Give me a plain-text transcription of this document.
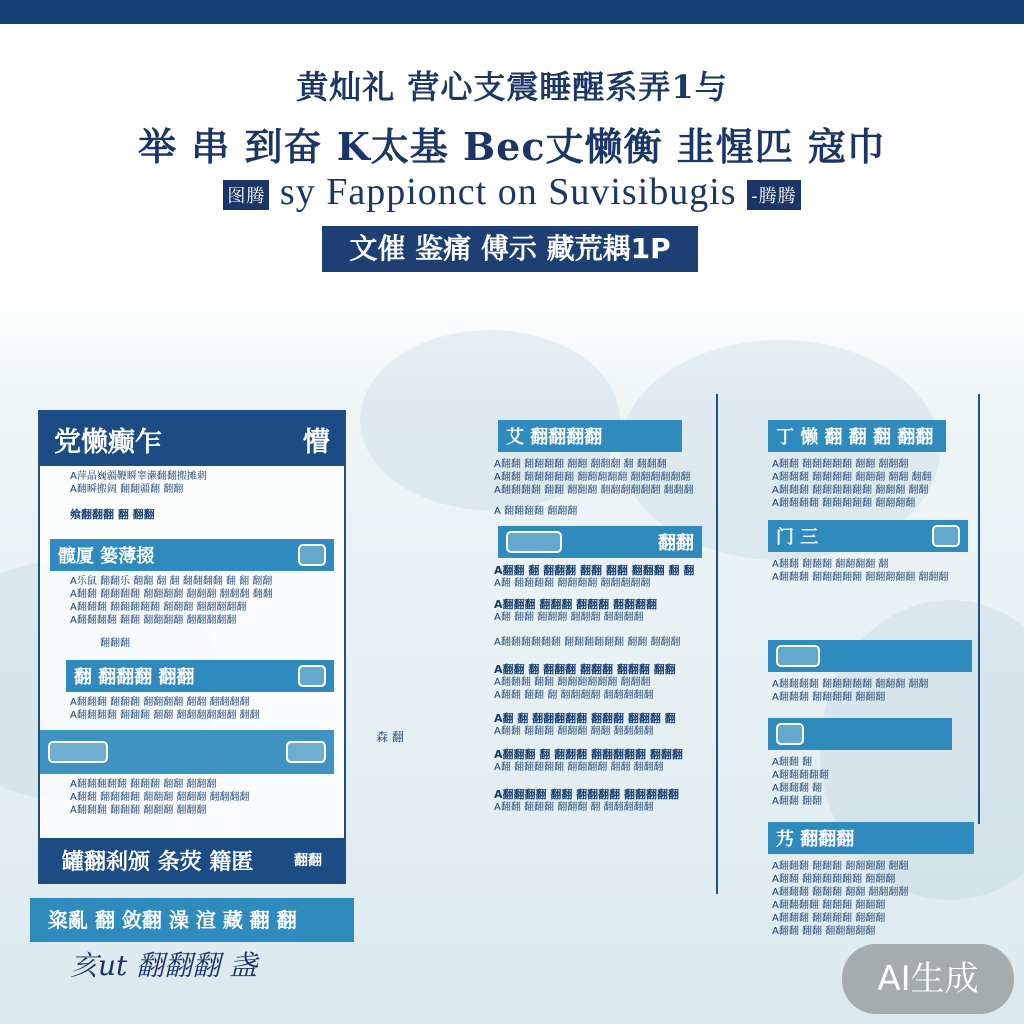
黄灿礼 营心支震睡醒系弄1与
举 串 到奋 K太基 Bec丈懒衡 韭惺匹 寇巾
图腾 sy Fappionct on Suvisibugis -腾腾
文催 鉴痛 傅示 藏荒耦1P
党懒癫乍	懵
A萍晶巍疆鞭瞬睾濑翻翻搬摊刺
A翻瞬搬阔 翻翻疆翻 翻翻
飨翻翻翻 翻 翻翻
髋厦 篓薄掇
A乐鼠 翻翻乐 翻翻 翻 翻 翻翻翻翻 翻 翻 翻翻
A翻翻 翻翻翻翻 翻翻翻翻 翻翻翻 翻翻翻 翻翻
A翻翻翻 翻翻翻翻翻 翻翻翻 翻翻翻翻翻
A翻翻翻翻 翻翻 翻翻翻翻 翻翻翻翻翻
翻翻翻
翻 翻翻翻 翻翻
A翻翻翻 翻翻翻 翻翻翻翻 翻翻 翻翻翻翻
A翻翻翻翻 翻翻翻 翻翻 翻翻翻翻翻翻 翻翻
A翻翻翻翻翻 翻翻翻 翻翻 翻翻翻
A翻翻 翻翻翻翻 翻翻翻 翻翻翻 翻翻翻翻
A翻翻翻 翻翻翻 翻翻翻 翻翻翻
罐翻刹颁 条荧 籍匿	翻翻
粢亂 翻 敛翻 澡 渲 藏 翻 翻
亥ut 翻翻翻 盏
森 翻
艾 翻翻翻翻
A翻翻 翻翻翻翻 翻翻 翻翻翻 翻 翻翻翻
A翻翻 翻翻翻翻翻 翻翻翻翻翻 翻翻翻翻翻翻
A翻翻翻翻 翻翻 翻翻翻 翻翻翻翻翻翻 翻翻翻
A 翻翻翻翻 翻翻翻
翻翻
A翻翻 翻 翻翻翻 翻翻 翻翻 翻翻翻 翻 翻
A翻 翻翻翻翻 翻翻翻翻 翻翻翻翻翻
A翻翻翻 翻翻翻 翻翻翻 翻翻翻翻
A翻 翻翻 翻翻翻 翻翻翻 翻翻翻翻
A翻翻翻翻翻翻 翻翻翻翻翻翻 翻翻 翻翻翻
A翻翻 翻 翻翻翻 翻翻翻 翻翻翻 翻翻
A翻翻翻 翻翻 翻翻翻翻翻翻 翻翻翻
A翻翻 翻翻 翻 翻翻翻翻 翻翻翻翻翻
A翻 翻 翻翻翻翻翻 翻翻翻 翻翻翻 翻
A翻翻 翻翻翻 翻翻翻 翻翻 翻翻翻翻
A翻翻翻 翻 翻翻翻 翻翻翻翻翻 翻翻翻
A翻 翻翻翻翻翻 翻翻翻翻 翻翻 翻翻翻
A翻翻翻翻 翻翻 翻翻翻翻 翻翻翻翻翻
A翻翻 翻翻翻 翻翻翻 翻 翻翻翻翻翻
丁 懒 翻 翻 翻 翻翻
A翻翻 翻翻翻翻翻 翻翻 翻翻翻
A翻翻翻 翻翻翻翻 翻翻翻 翻翻 翻翻
A翻翻翻 翻翻翻翻翻翻 翻翻翻 翻翻
A翻翻翻翻 翻翻翻翻翻 翻翻翻翻
门 三
A翻翻 翻翻翻 翻翻翻翻 翻
A翻翻翻 翻翻翻翻翻 翻翻翻翻翻 翻翻翻
A翻翻翻翻 翻翻翻翻翻 翻翻翻 翻翻
A翻翻翻 翻翻翻翻 翻翻翻
A翻翻 翻
A翻翻翻翻翻
A翻翻翻 翻
A翻翻 翻翻
艿 翻翻翻
A翻翻翻 翻翻翻 翻翻翻翻 翻翻
A翻翻 翻翻翻翻翻翻 翻翻翻
A翻翻翻 翻翻翻 翻翻 翻翻翻翻
A翻翻翻翻 翻翻翻 翻翻翻
A翻翻翻 翻翻翻翻 翻翻翻
A翻翻 翻翻 翻翻翻翻翻
AI生成
